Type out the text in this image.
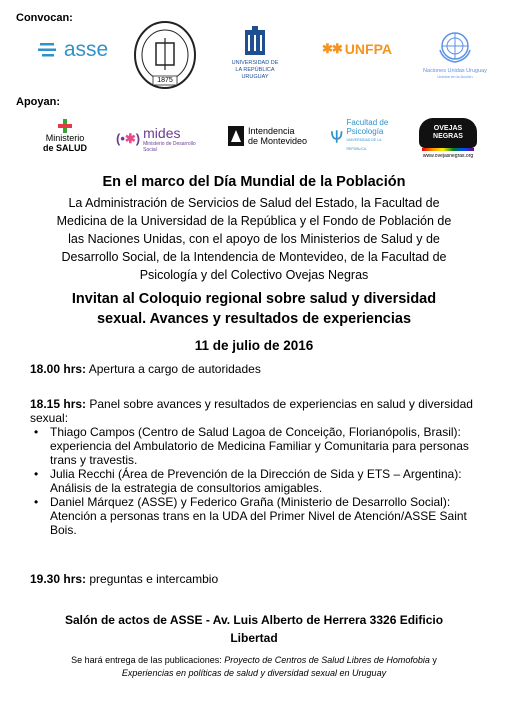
Convocan:
asse
1875
UNIVERSIDAD DE LA REPÚBLICA URUGUAY
✱✱ UNFPA
Naciones Unidas Uruguay
Unidos en la Acción
Apoyan:
Ministerio
de SALUD
(•✱) mides
Ministerio de Desarrollo Social
Intendencia
de Montevideo
Facultad de
Psicología
UNIVERSIDAD DE LA REPÚBLICA
OVEJAS NEGRAS
www.ovejasnegras.org
En el marco del Día Mundial de la Población
La Administración de Servicios de Salud del Estado, la Facultad de
Medicina de la Universidad de la República y el Fondo de Población de
las Naciones Unidas, con el apoyo de los Ministerios de Salud y de
Desarrollo Social, de la Intendencia de Montevideo, de la Facultad de
Psicología y del Colectivo Ovejas Negras
Invitan al Coloquio regional sobre salud y diversidad
sexual. Avances y resultados de experiencias
11 de julio de 2016
18.00 hrs: Apertura a cargo de autoridades
18.15 hrs: Panel sobre avances y resultados de experiencias en salud y diversidad sexual:
• Thiago Campos (Centro de Salud Lagoa de Conceição, Florianópolis, Brasil): experiencia del Ambulatorio de Medicina Familiar y Comunitaria para personas trans y travestis.
• Julia Recchi (Área de Prevención de la Dirección de Sida y ETS – Argentina): Análisis de la estrategia de consultorios amigables.
• Daniel Márquez (ASSE) y Federico Graña (Ministerio de Desarrollo Social): Atención a personas trans en la UDA del Primer Nivel de Atención/ASSE Saint Bois.
19.30 hrs: preguntas e intercambio
Salón de actos de ASSE - Av. Luis Alberto de Herrera 3326 Edificio
Libertad
Se hará entrega de las publicaciones: Proyecto de Centros de Salud Libres de Homofobia y
Experiencias en políticas de salud y diversidad sexual en Uruguay
